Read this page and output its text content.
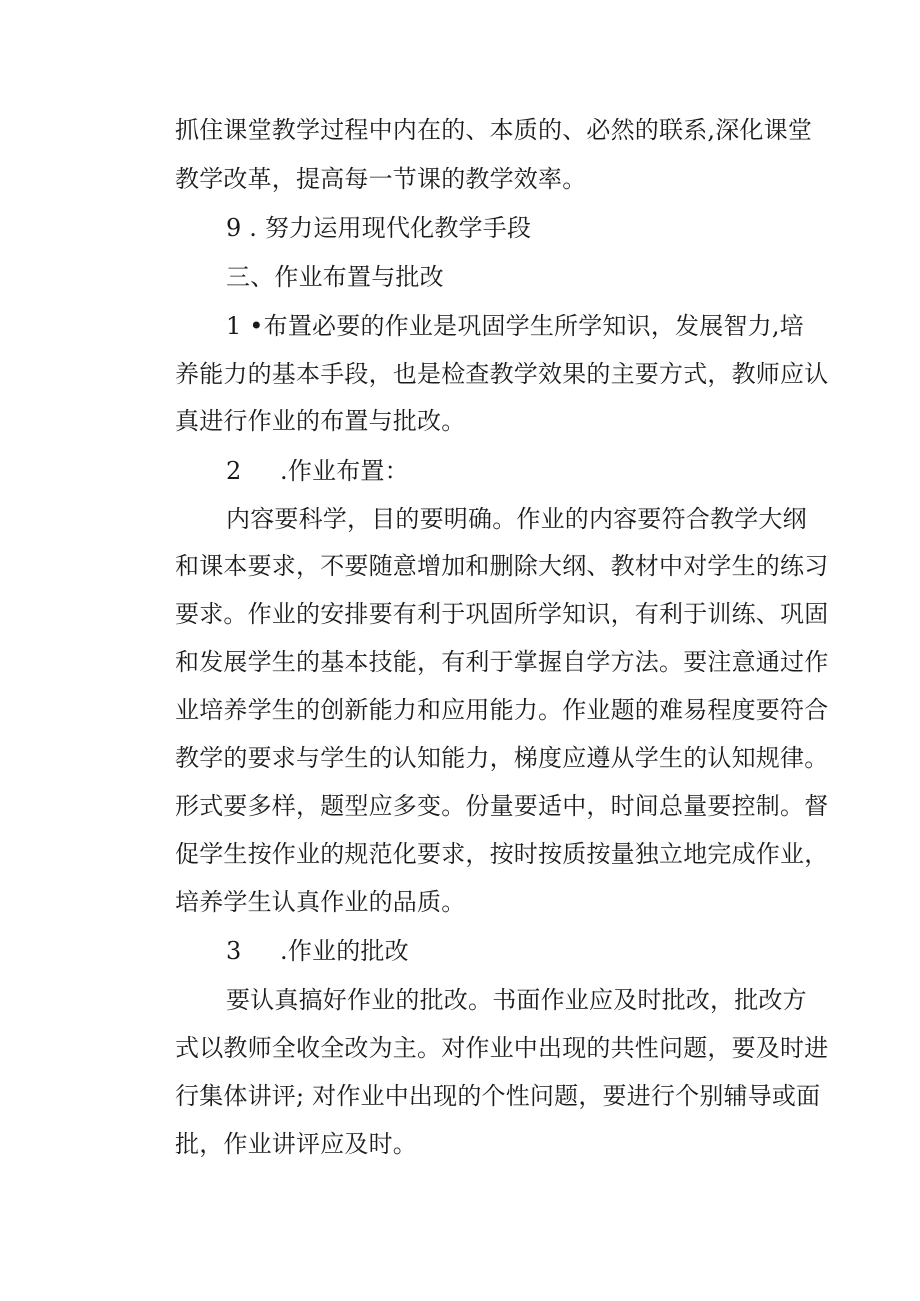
抓住课堂教学过程中内在的、本质的、必然的联系,深化课堂
教学改革，提高每一节课的教学效率。
9 . 努力运用现代化教学手段
三、作业布置与批改
1 •布置必要的作业是巩固学生所学知识，发展智力,培
养能力的基本手段，也是检查教学效果的主要方式，教师应认
真进行作业的布置与批改。
2 .作业布置：
内容要科学，目的要明确。作业的内容要符合教学大纲
和课本要求，不要随意增加和删除大纲、教材中对学生的练习
要求。作业的安排要有利于巩固所学知识，有利于训练、巩固
和发展学生的基本技能，有利于掌握自学方法。要注意通过作
业培养学生的创新能力和应用能力。作业题的难易程度要符合
教学的要求与学生的认知能力，梯度应遵从学生的认知规律。
形式要多样，题型应多变。份量要适中，时间总量要控制。督
促学生按作业的规范化要求，按时按质按量独立地完成作业，
培养学生认真作业的品质。
3 .作业的批改
要认真搞好作业的批改。书面作业应及时批改，批改方
式以教师全收全改为主。对作业中出现的共性问题，要及时进
行集体讲评; 对作业中出现的个性问题，要进行个别辅导或面
批，作业讲评应及时。
